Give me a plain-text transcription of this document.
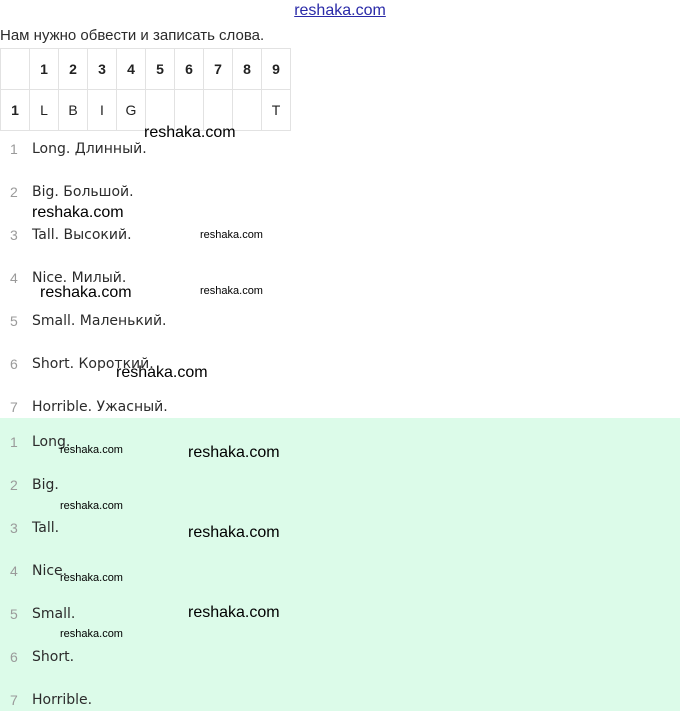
reshaka.com
Нам нужно обвести и записать слова.
	1	2	3	4	5	6	7	8	9
1	L	B	I	G					T
1	Long. Длинный.
2	Big. Большой.
3	Tall. Высокий.
4	Nice. Милый.
5	Small. Маленький.
6	Short. Короткий.
7	Horrible. Ужасный.
1	Long.
2	Big.
3	Tall.
4	Nice.
5	Small.
6	Short.
7	Horrible.
reshaka.com
reshaka.com
reshaka.com
reshaka.com	reshaka.com
reshaka.com
reshaka.com	reshaka.com
reshaka.com
reshaka.com
reshaka.com
reshaka.com
reshaka.com
